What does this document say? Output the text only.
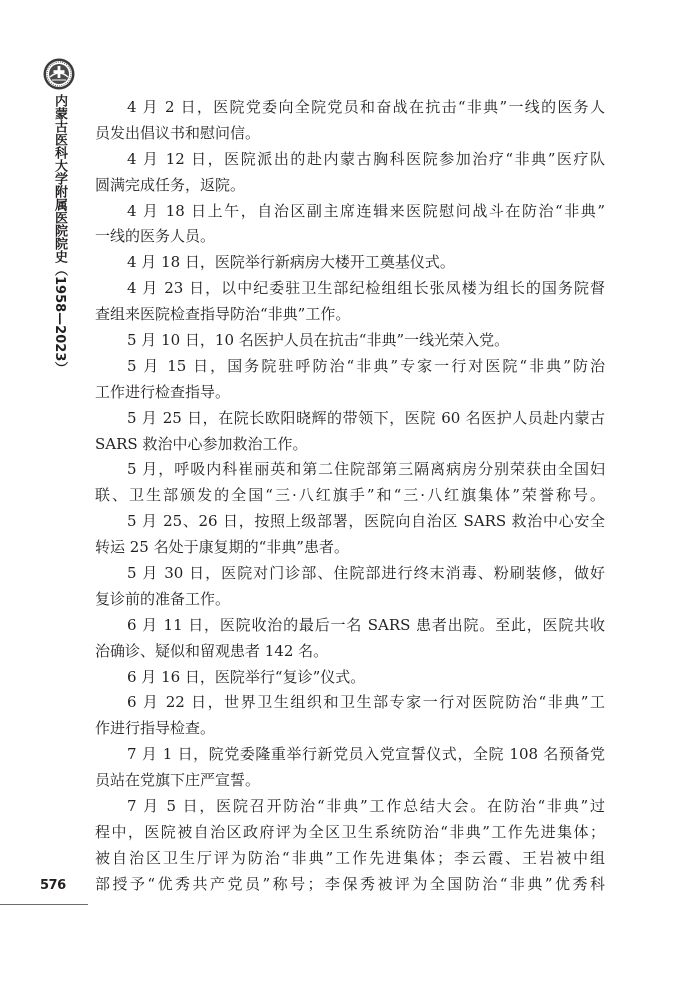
内蒙古医科大学附属医院院史（1958—2023）
576
4 月 2 日，医院党委向全院党员和奋战在抗击“非典”一线的医务人
员发出倡议书和慰问信。
4 月 12 日，医院派出的赴内蒙古胸科医院参加治疗“非典”医疗队
圆满完成任务，返院。
4 月 18 日上午，自治区副主席连辑来医院慰问战斗在防治“非典”
一线的医务人员。
4 月 18 日，医院举行新病房大楼开工奠基仪式。
4 月 23 日，以中纪委驻卫生部纪检组组长张凤楼为组长的国务院督
查组来医院检查指导防治“非典”工作。
5 月 10 日，10 名医护人员在抗击“非典”一线光荣入党。
5 月 15 日，国务院驻呼防治“非典”专家一行对医院“非典”防治
工作进行检查指导。
5 月 25 日，在院长欧阳晓辉的带领下，医院 60 名医护人员赴内蒙古
SARS 救治中心参加救治工作。
5 月，呼吸内科崔丽英和第二住院部第三隔离病房分别荣获由全国妇
联、卫生部颁发的全国“三·八红旗手”和“三·八红旗集体”荣誉称号。
5 月 25、26 日，按照上级部署，医院向自治区 SARS 救治中心安全
转运 25 名处于康复期的“非典”患者。
5 月 30 日，医院对门诊部、住院部进行终末消毒、粉刷装修，做好
复诊前的准备工作。
6 月 11 日，医院收治的最后一名 SARS 患者出院。至此，医院共收
治确诊、疑似和留观患者 142 名。
6 月 16 日，医院举行“复诊”仪式。
6 月 22 日，世界卫生组织和卫生部专家一行对医院防治“非典”工
作进行指导检查。
7 月 1 日，院党委隆重举行新党员入党宣誓仪式，全院 108 名预备党
员站在党旗下庄严宣誓。
7 月 5 日，医院召开防治“非典”工作总结大会。在防治“非典”过
程中，医院被自治区政府评为全区卫生系统防治“非典”工作先进集体；
被自治区卫生厅评为防治“非典”工作先进集体；李云霞、王岩被中组
部授予“优秀共产党员”称号；李保秀被评为全国防治“非典”优秀科
